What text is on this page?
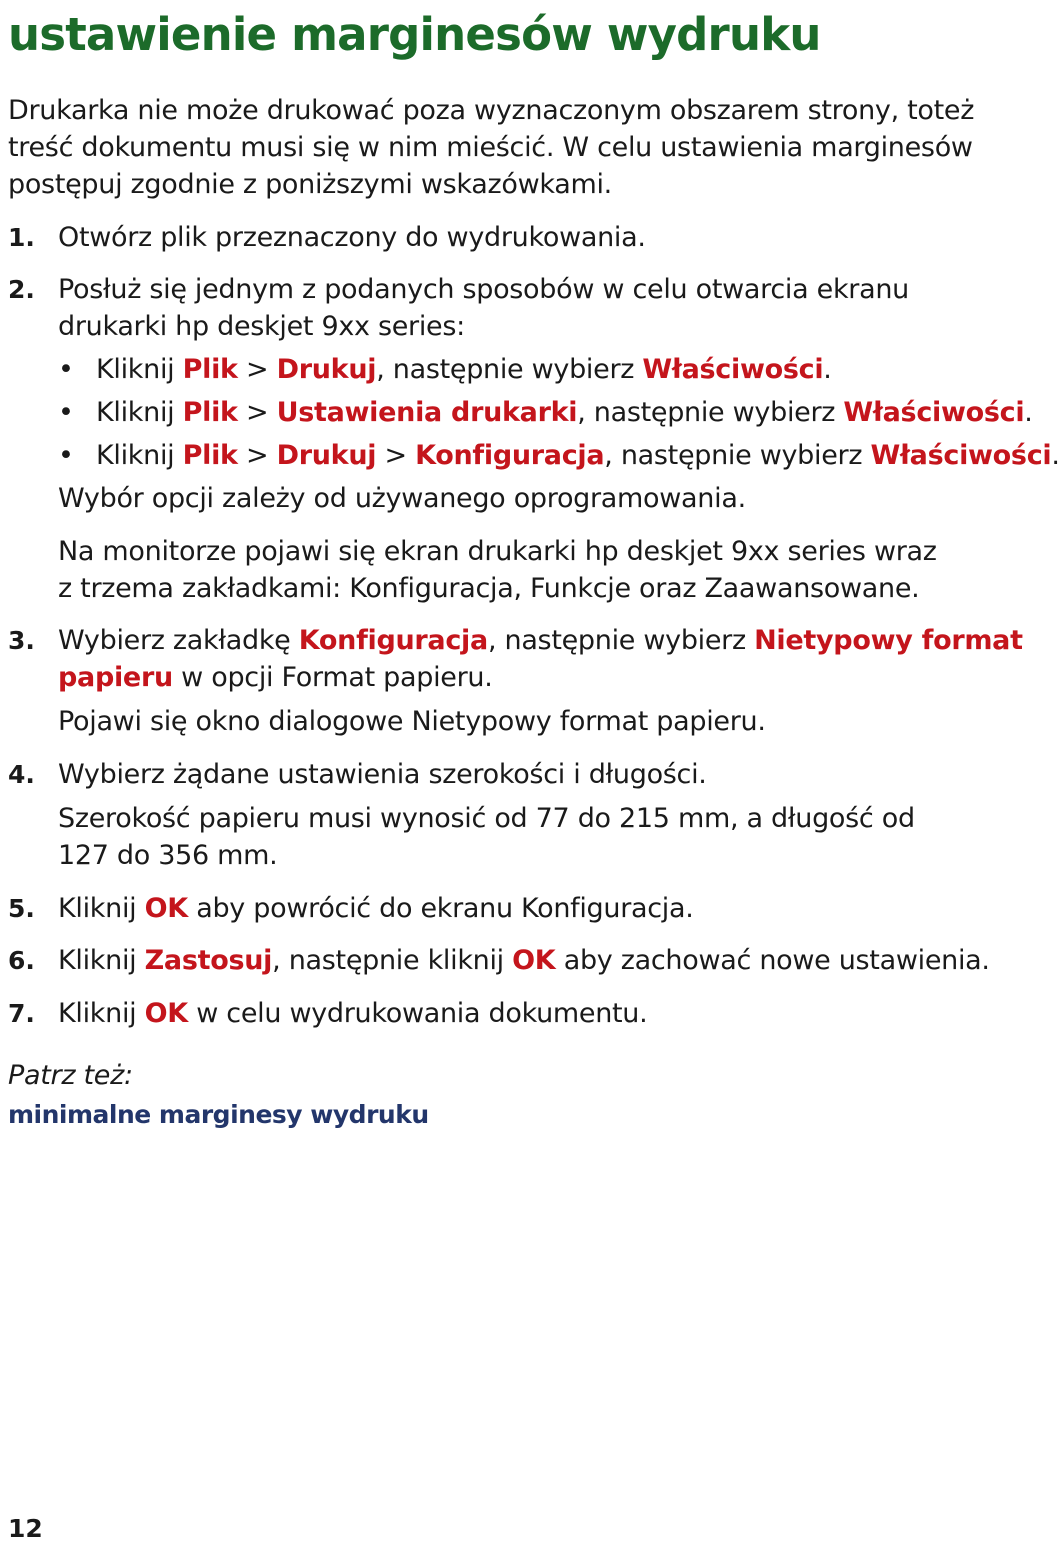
ustawienie marginesów wydruku

Drukarka nie może drukować poza wyznaczonym obszarem strony, toteż

treść dokumentu musi się w nim mieścić. W celu ustawienia marginesów

postępuj zgodnie z poniższymi wskazówkami.

1. Otwórz plik przeznaczony do wydrukowania.

2. Posłuż się jednym z podanych sposobów w celu otwarcia ekranu

drukarki hp deskjet 9xx series:

• Kliknij Plik > Drukuj, następnie wybierz Właściwości.

• Kliknij Plik > Ustawienia drukarki, następnie wybierz Właściwości.

• Kliknij Plik > Drukuj > Konfiguracja, następnie wybierz Właściwości.

Wybór opcji zależy od używanego oprogramowania.

Na monitorze pojawi się ekran drukarki hp deskjet 9xx series wraz

z trzema zakładkami: Konfiguracja, Funkcje oraz Zaawansowane.

3. Wybierz zakładkę Konfiguracja, następnie wybierz Nietypowy format

papieru w opcji Format papieru.

Pojawi się okno dialogowe Nietypowy format papieru.

4. Wybierz żądane ustawienia szerokości i długości.

Szerokość papieru musi wynosić od 77 do 215 mm, a długość od

127 do 356 mm.

5. Kliknij OK aby powrócić do ekranu Konfiguracja.

6. Kliknij Zastosuj, następnie kliknij OK aby zachować nowe ustawienia.

7. Kliknij OK w celu wydrukowania dokumentu.

Patrz też:

minimalne marginesy wydruku
12
